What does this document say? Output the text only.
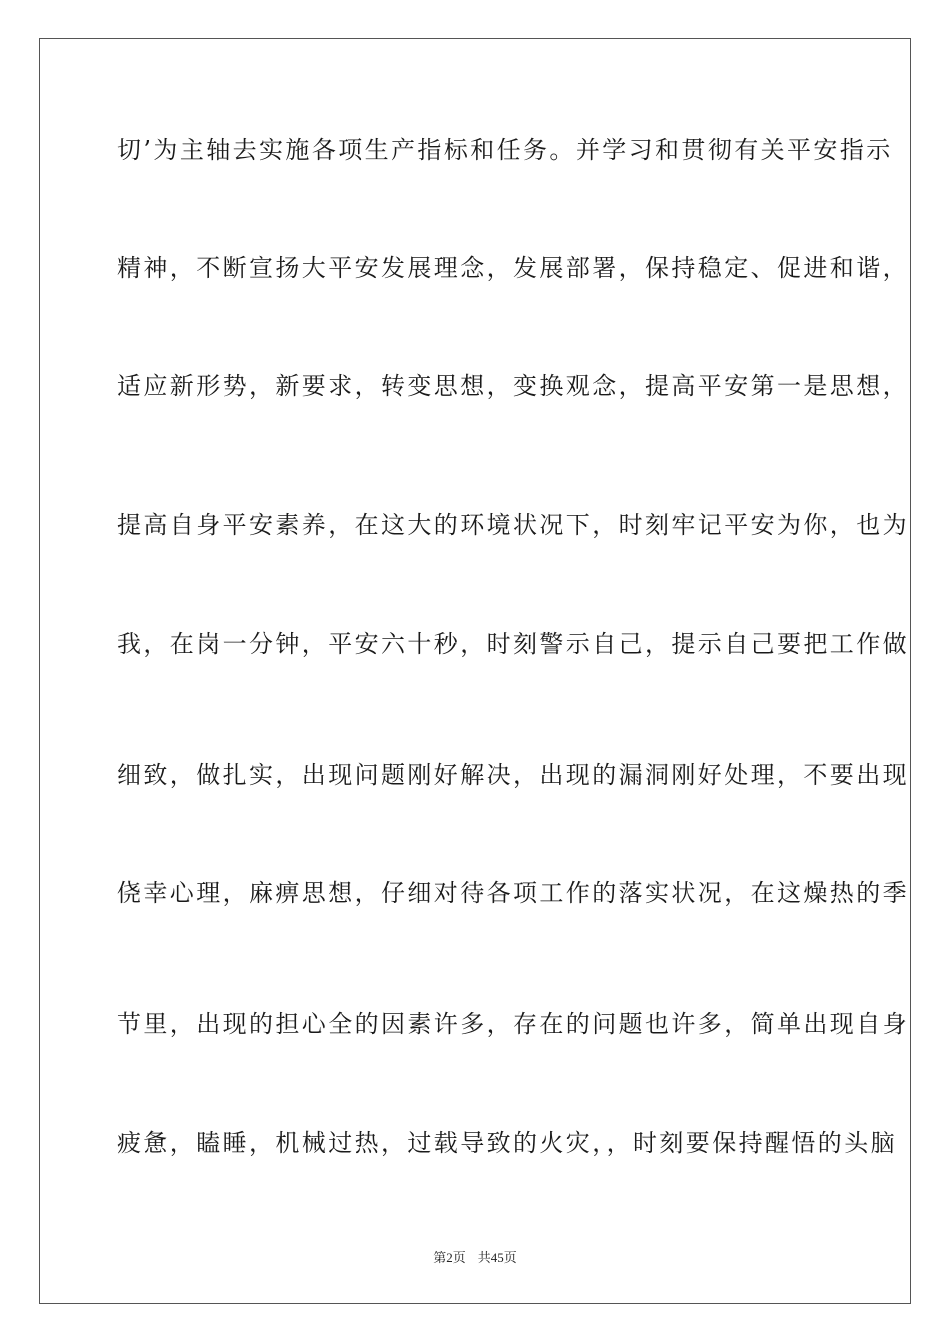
切’为主轴去实施各项生产指标和任务。并学习和贯彻有关平安指示
精神，不断宣扬大平安发展理念，发展部署，保持稳定、促进和谐，
适应新形势，新要求，转变思想，变换观念，提高平安第一是思想，
提高自身平安素养，在这大的环境状况下，时刻牢记平安为你，也为
我，在岗一分钟，平安六十秒，时刻警示自己，提示自己要把工作做
细致，做扎实，出现问题刚好解决，出现的漏洞刚好处理，不要出现
侥幸心理，麻痹思想，仔细对待各项工作的落实状况，在这燥热的季
节里，出现的担心全的因素许多，存在的问题也许多，简单出现自身
疲惫，瞌睡，机械过热，过载导致的火灾，，时刻要保持醒悟的头脑
第2页 共45页
